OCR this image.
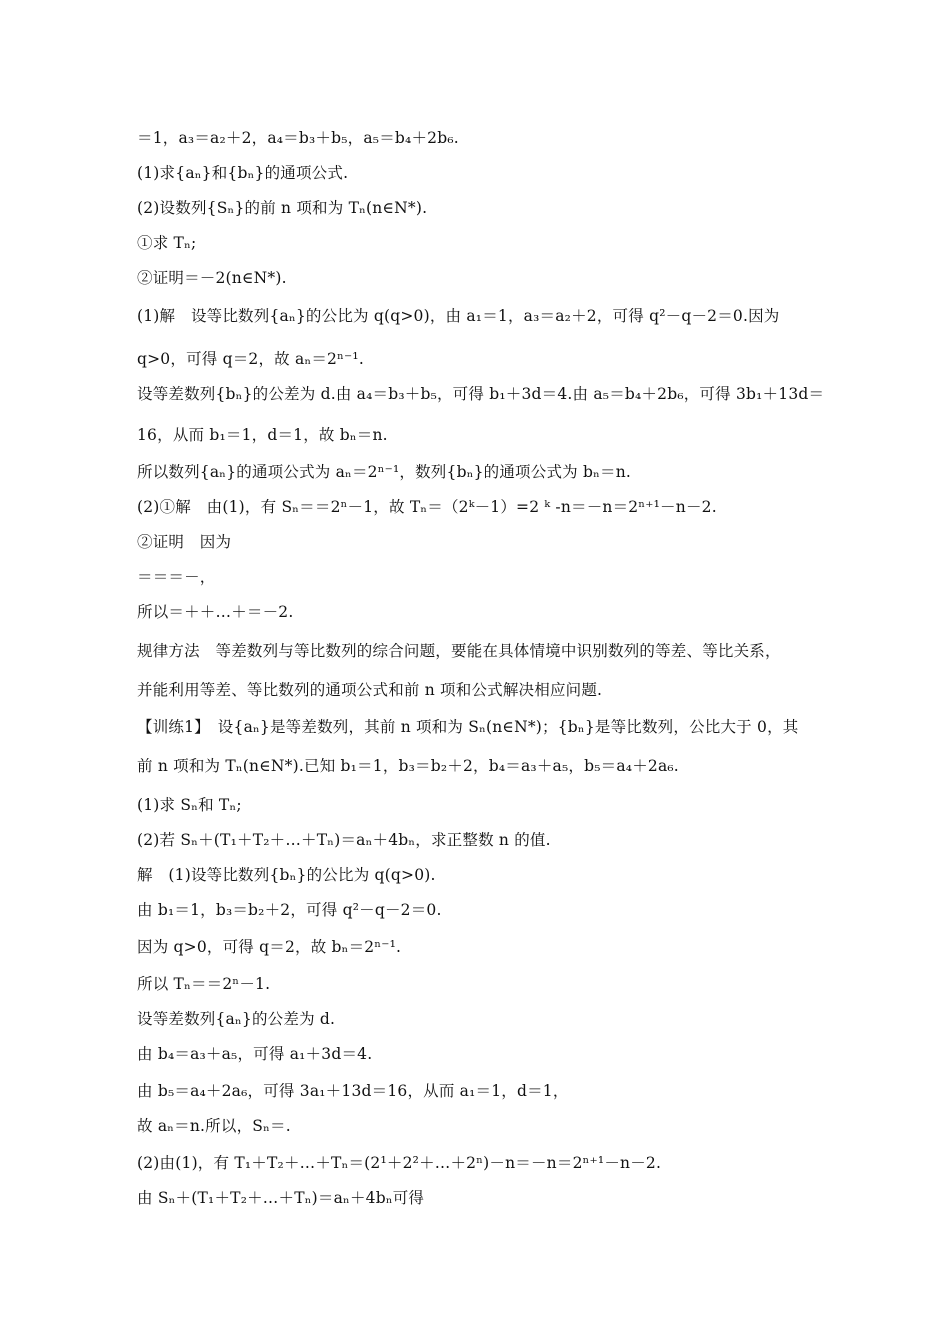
＝1，a₃＝a₂＋2，a₄＝b₃＋b₅，a₅＝b₄＋2b₆.
(1)求{aₙ}和{bₙ}的通项公式.
(2)设数列{Sₙ}的前 n 项和为 Tₙ(n∈N*).
①求 Tₙ;
②证明＝－2(n∈N*).
(1)解　设等比数列{aₙ}的公比为 q(q>0)，由 a₁＝1，a₃＝a₂＋2，可得 q²－q－2＝0.因为
q>0，可得 q＝2，故 aₙ＝2ⁿ⁻¹.
设等差数列{bₙ}的公差为 d.由 a₄＝b₃＋b₅，可得 b₁＋3d＝4.由 a₅＝b₄＋2b₆，可得 3b₁＋13d＝
16，从而 b₁＝1，d＝1，故 bₙ＝n.
所以数列{aₙ}的通项公式为 aₙ＝2ⁿ⁻¹，数列{bₙ}的通项公式为 bₙ＝n.
(2)①解　由(1)，有 Sₙ＝＝2ⁿ－1，故 Tₙ＝（2ᵏ－1）=2 ᵏ -n＝－n＝2ⁿ⁺¹－n－2.
②证明　因为
＝＝＝－，
所以＝＋＋…＋＝－2.
规律方法　等差数列与等比数列的综合问题，要能在具体情境中识别数列的等差、等比关系，
并能利用等差、等比数列的通项公式和前 n 项和公式解决相应问题.
【训练1】　设{aₙ}是等差数列，其前 n 项和为 Sₙ(n∈N*)；{bₙ}是等比数列，公比大于 0，其
前 n 项和为 Tₙ(n∈N*).已知 b₁＝1，b₃＝b₂＋2，b₄＝a₃＋a₅，b₅＝a₄＋2a₆.
(1)求 Sₙ和 Tₙ;
(2)若 Sₙ＋(T₁＋T₂＋…＋Tₙ)＝aₙ＋4bₙ，求正整数 n 的值.
解　(1)设等比数列{bₙ}的公比为 q(q>0).
由 b₁＝1，b₃＝b₂＋2，可得 q²－q－2＝0.
因为 q>0，可得 q＝2，故 bₙ＝2ⁿ⁻¹.
所以 Tₙ＝＝2ⁿ－1.
设等差数列{aₙ}的公差为 d.
由 b₄＝a₃＋a₅，可得 a₁＋3d＝4.
由 b₅＝a₄＋2a₆，可得 3a₁＋13d＝16，从而 a₁＝1，d＝1，
故 aₙ＝n.所以，Sₙ＝.
(2)由(1)，有 T₁＋T₂＋…＋Tₙ＝(2¹＋2²＋…＋2ⁿ)－n＝－n＝2ⁿ⁺¹－n－2.
由 Sₙ＋(T₁＋T₂＋…＋Tₙ)＝aₙ＋4bₙ可得
